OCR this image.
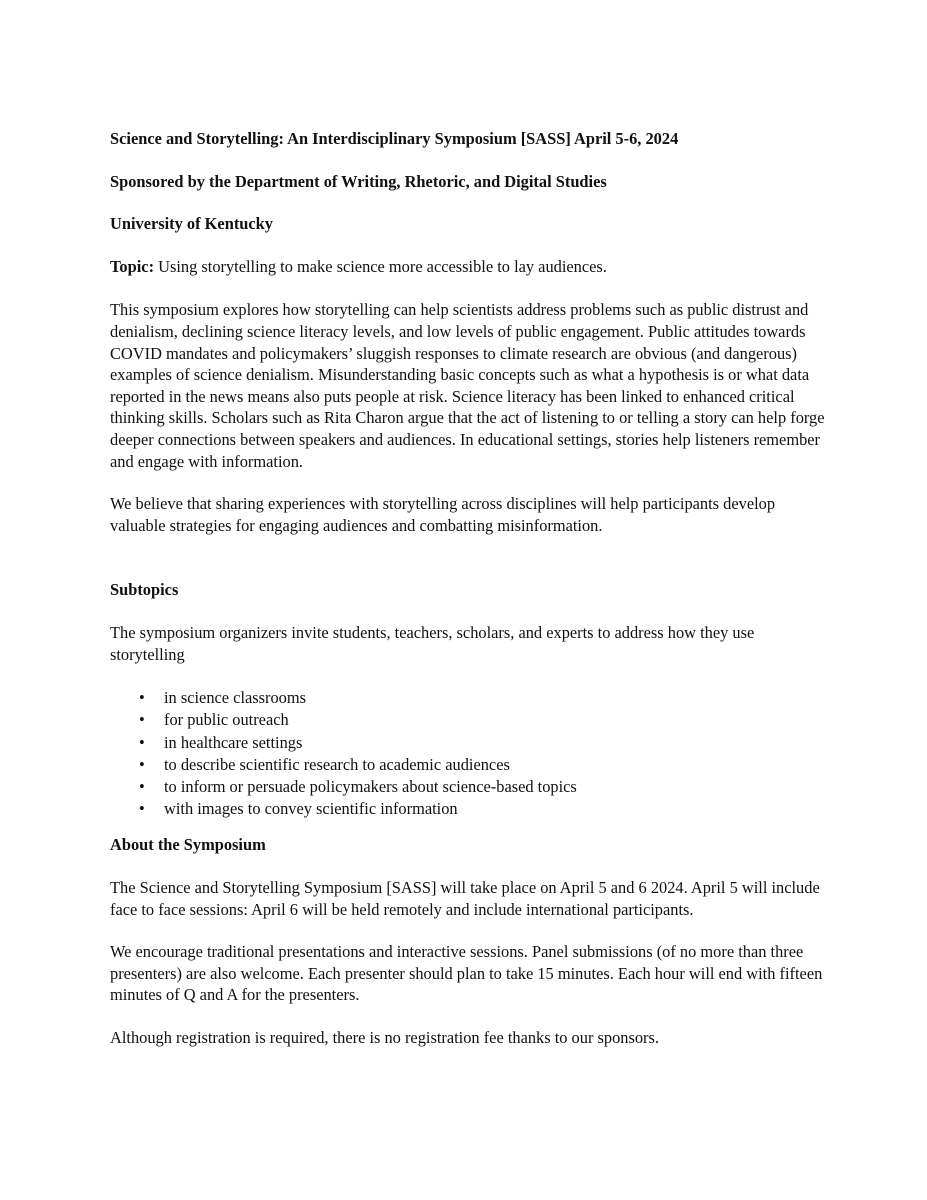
Science and Storytelling: An Interdisciplinary Symposium [SASS] April 5-6, 2024

Sponsored by the Department of Writing, Rhetoric, and Digital Studies

University of Kentucky

Topic: Using storytelling to make science more accessible to lay audiences.

This symposium explores how storytelling can help scientists address problems such as public distrust and denialism, declining science literacy levels, and low levels of public engagement. Public attitudes towards COVID mandates and policymakers’ sluggish responses to climate research are obvious (and dangerous) examples of science denialism. Misunderstanding basic concepts such as what a hypothesis is or what data reported in the news means also puts people at risk. Science literacy has been linked to enhanced critical thinking skills. Scholars such as Rita Charon argue that the act of listening to or telling a story can help forge deeper connections between speakers and audiences. In educational settings, stories help listeners remember and engage with information.

We believe that sharing experiences with storytelling across disciplines will help participants develop valuable strategies for engaging audiences and combatting misinformation.

Subtopics

The symposium organizers invite students, teachers, scholars, and experts to address how they use storytelling

• in science classrooms
• for public outreach
• in healthcare settings
• to describe scientific research to academic audiences
• to inform or persuade policymakers about science-based topics
• with images to convey scientific information

About the Symposium

The Science and Storytelling Symposium [SASS] will take place on April 5 and 6 2024. April 5 will include face to face sessions: April 6 will be held remotely and include international participants.

We encourage traditional presentations and interactive sessions. Panel submissions (of no more than three presenters) are also welcome. Each presenter should plan to take 15 minutes. Each hour will end with fifteen minutes of Q and A for the presenters.

Although registration is required, there is no registration fee thanks to our sponsors.
